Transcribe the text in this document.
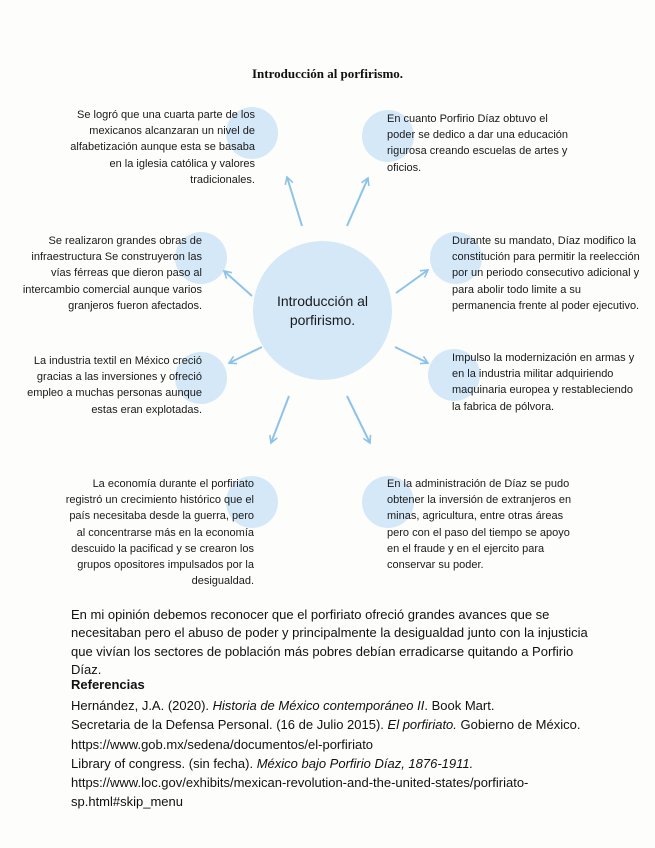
Introducción al porfirismo.
Introducción al porfirismo.
Se logró que una cuarta parte de los mexicanos alcanzaran un nivel de alfabetización aunque esta se basaba en la iglesia católica y valores tradicionales.
En cuanto Porfirio Díaz obtuvo el poder se dedico a dar una educación rigurosa creando escuelas de artes y oficios.
Se realizaron grandes obras de infraestructura Se construyeron las vías férreas que dieron paso al intercambio comercial aunque varios granjeros fueron afectados.
Durante su mandato, Díaz modifico la constitución para permitir la reelección por un periodo consecutivo adicional y para abolir todo limite a su permanencia frente al poder ejecutivo.
La industria textil en México creció gracias a las inversiones y ofreció empleo a muchas personas aunque estas eran explotadas.
Impulso la modernización en armas y en la industria militar adquiriendo maquinaria europea y restableciendo la fabrica de pólvora.
La economía durante el porfiriato registró un crecimiento histórico que el país necesitaba desde la guerra, pero al concentrarse más en la economía descuido la pacificad y se crearon los grupos opositores impulsados por la desigualdad.
En la administración de Díaz se pudo obtener la inversión de extranjeros en minas, agricultura, entre otras áreas pero con el paso del tiempo se apoyo en el fraude y en el ejercito para conservar su poder.
En mi opinión debemos reconocer que el porfiriato ofreció grandes avances que se necesitaban pero el abuso de poder y principalmente la desigualdad junto con la injusticia que vivían los sectores de población más pobres debían erradicarse quitando a Porfirio Díaz.
Referencias

Hernández, J.A. (2020). Historia de México contemporáneo II. Book Mart.

Secretaria de la Defensa Personal. (16 de Julio 2015). El porfiriato. Gobierno de México. https://www.gob.mx/sedena/documentos/el-porfiriato

Library of congress. (sin fecha). México bajo Porfirio Díaz, 1876-1911. https://www.loc.gov/exhibits/mexican-revolution-and-the-united-states/porfiriato-sp.html#skip_menu
